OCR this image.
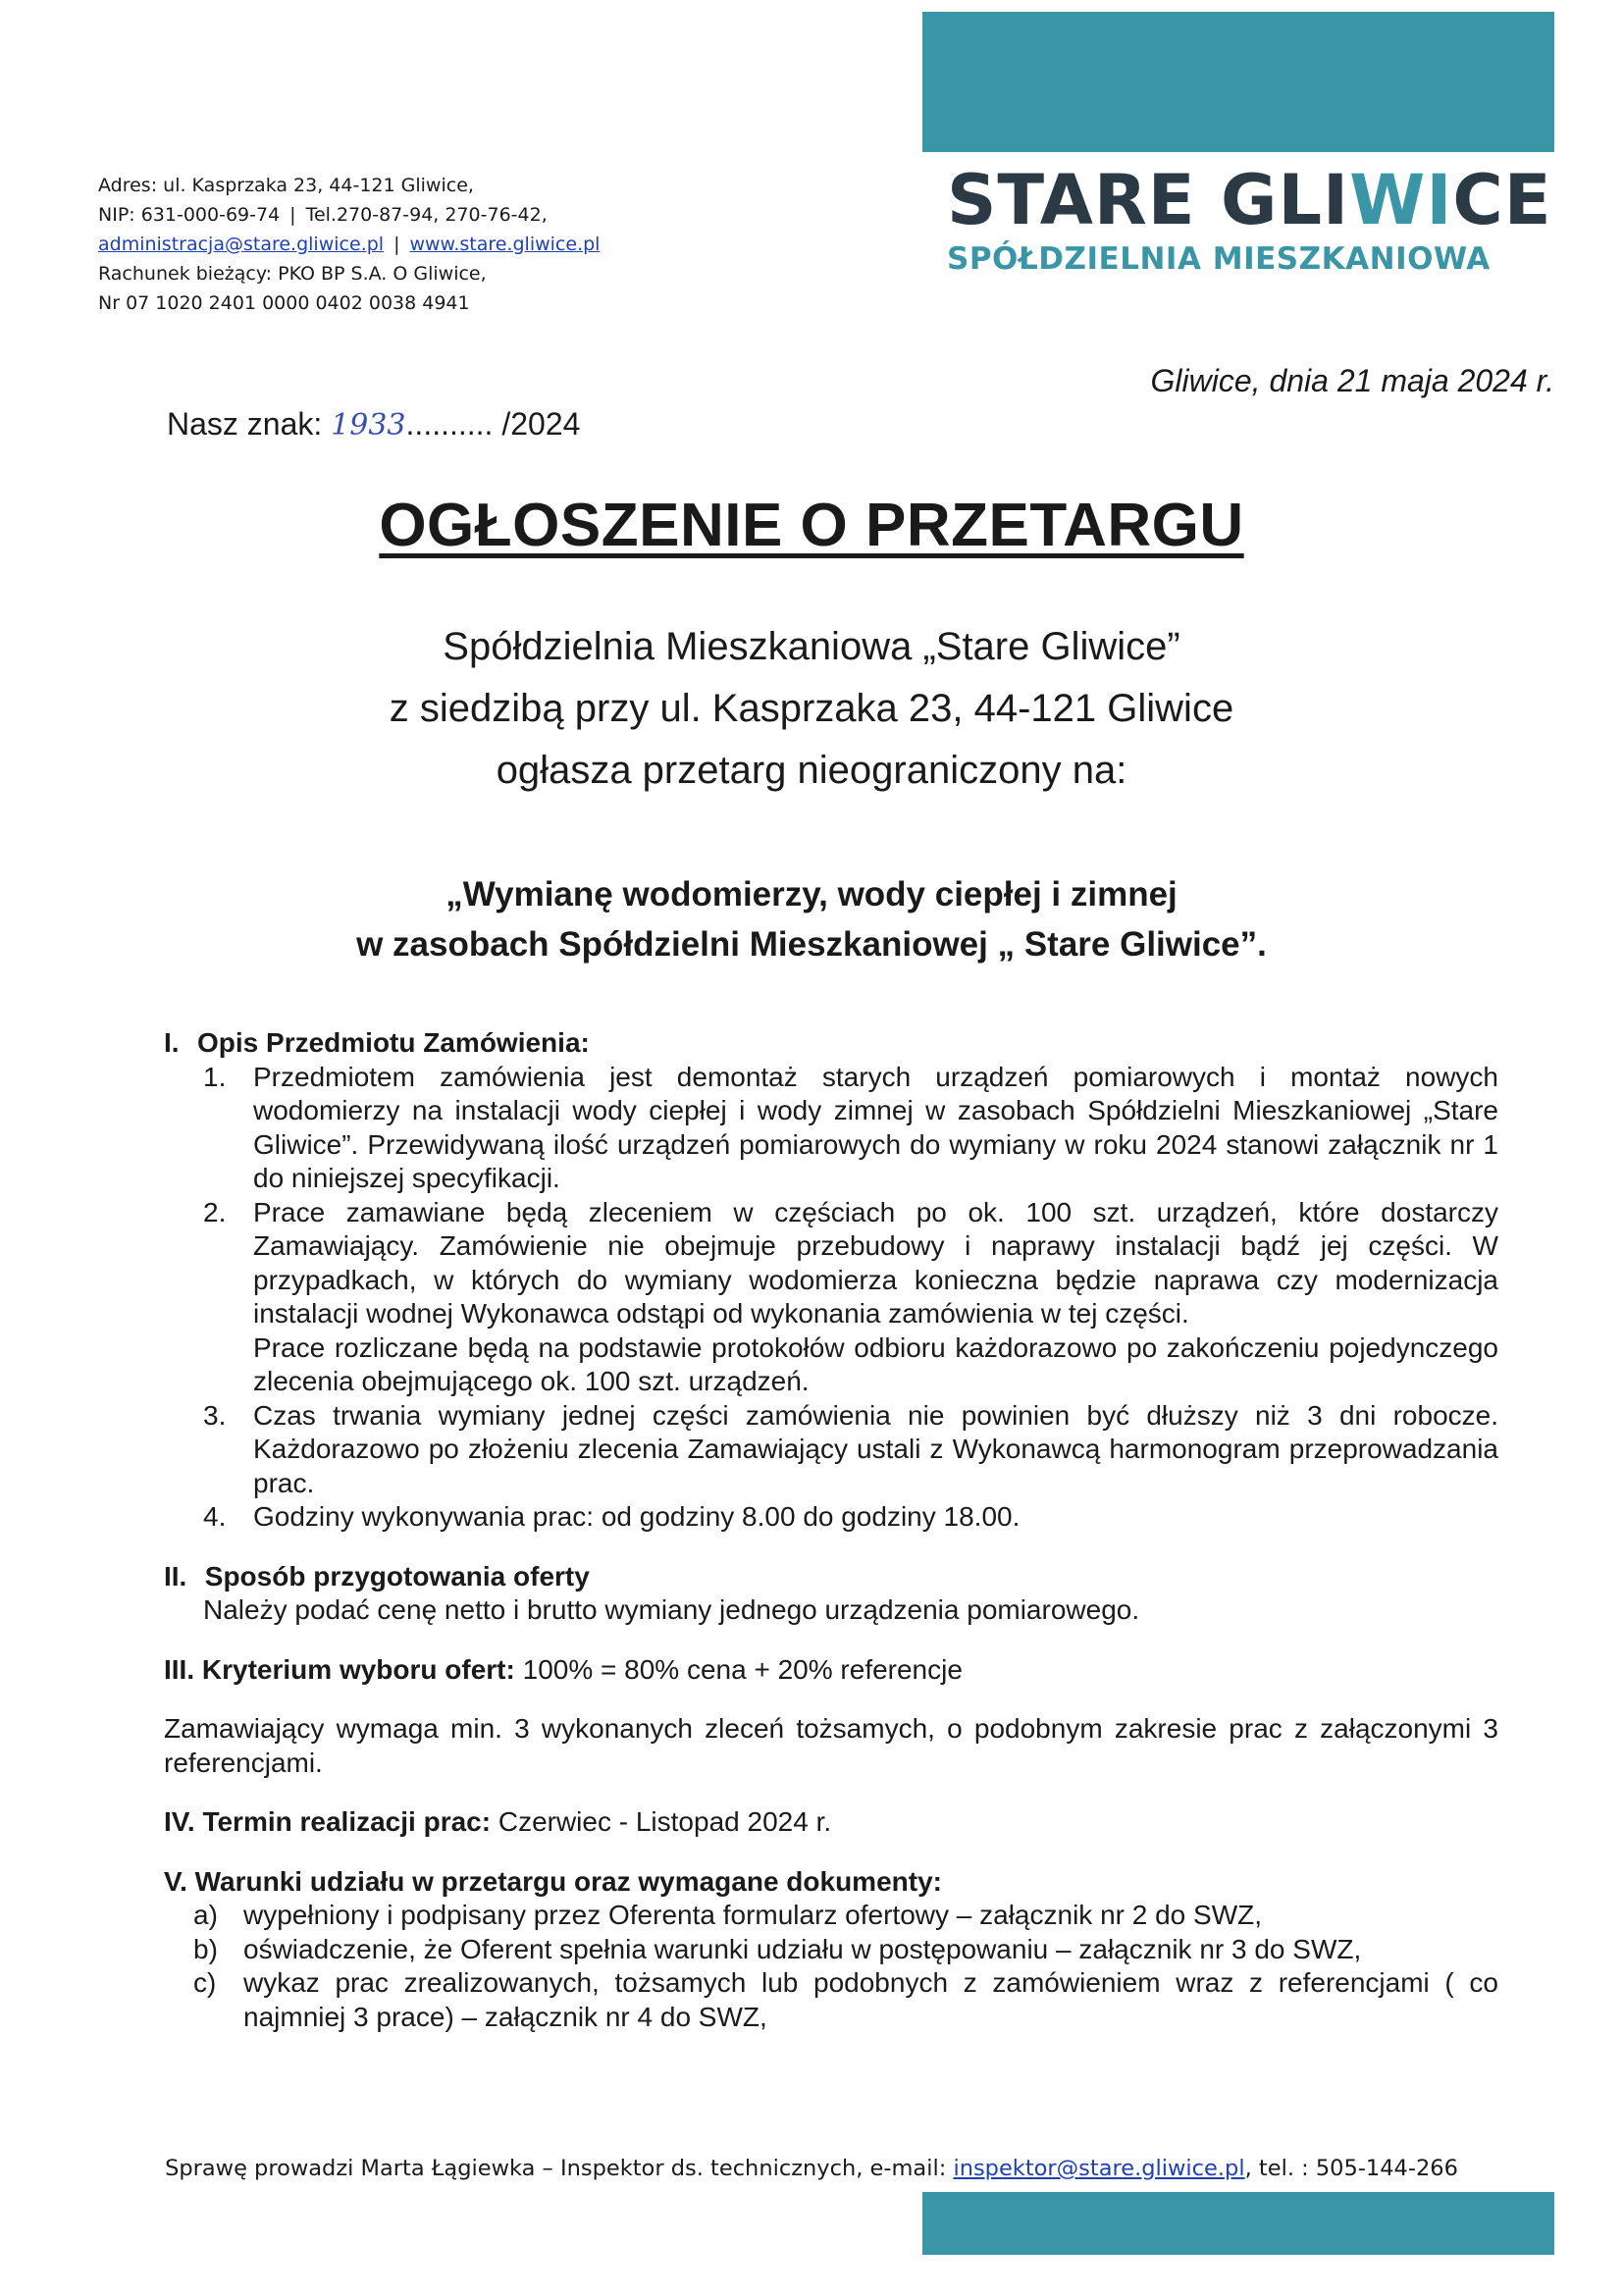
Adres: ul. Kasprzaka 23, 44-121 Gliwice,
NIP: 631-000-69-74 | Tel.270-87-94, 270-76-42,
administracja@stare.gliwice.pl | www.stare.gliwice.pl
Rachunek bieżący: PKO BP S.A. O Gliwice,
Nr 07 1020 2401 0000 0402 0038 4941
STARE GLIWICE
SPÓŁDZIELNIA MIESZKANIOWA
Gliwice, dnia 21 maja 2024 r.
Nasz znak: 1933.......... /2024
OGŁOSZENIE O PRZETARGU
Spółdzielnia Mieszkaniowa „Stare Gliwice”
z siedzibą przy ul. Kasprzaka 23, 44-121 Gliwice
ogłasza przetarg nieograniczony na:
„Wymianę wodomierzy, wody ciepłej i zimnej
w zasobach Spółdzielni Mieszkaniowej „ Stare Gliwice”.
I. Opis Przedmiotu Zamówienia:
1. Przedmiotem zamówienia jest demontaż starych urządzeń pomiarowych i montaż nowych wodomierzy na instalacji wody ciepłej i wody zimnej w zasobach Spółdzielni Mieszkaniowej „Stare Gliwice”. Przewidywaną ilość urządzeń pomiarowych do wymiany w roku 2024 stanowi załącznik nr 1 do niniejszej specyfikacji.
2. Prace zamawiane będą zleceniem w częściach po ok. 100 szt. urządzeń, które dostarczy Zamawiający. Zamówienie nie obejmuje przebudowy i naprawy instalacji bądź jej części. W przypadkach, w których do wymiany wodomierza konieczna będzie naprawa czy modernizacja instalacji wodnej Wykonawca odstąpi od wykonania zamówienia w tej części.
Prace rozliczane będą na podstawie protokołów odbioru każdorazowo po zakończeniu pojedynczego zlecenia obejmującego ok. 100 szt. urządzeń.
3. Czas trwania wymiany jednej części zamówienia nie powinien być dłuższy niż 3 dni robocze. Każdorazowo po złożeniu zlecenia Zamawiający ustali z Wykonawcą harmonogram przeprowadzania prac.
4. Godziny wykonywania prac: od godziny 8.00 do godziny 18.00.
II. Sposób przygotowania oferty
Należy podać cenę netto i brutto wymiany jednego urządzenia pomiarowego.
III. Kryterium wyboru ofert: 100% = 80% cena + 20% referencje
Zamawiający wymaga min. 3 wykonanych zleceń tożsamych, o podobnym zakresie prac z załączonymi 3 referencjami.
IV. Termin realizacji prac: Czerwiec - Listopad 2024 r.
V. Warunki udziału w przetargu oraz wymagane dokumenty:
a) wypełniony i podpisany przez Oferenta formularz ofertowy – załącznik nr 2 do SWZ,
b) oświadczenie, że Oferent spełnia warunki udziału w postępowaniu – załącznik nr 3 do SWZ,
c) wykaz prac zrealizowanych, tożsamych lub podobnych z zamówieniem wraz z referencjami ( co najmniej 3 prace) – załącznik nr 4 do SWZ,
Sprawę prowadzi Marta Łągiewka – Inspektor ds. technicznych, e-mail: inspektor@stare.gliwice.pl, tel. : 505-144-266
